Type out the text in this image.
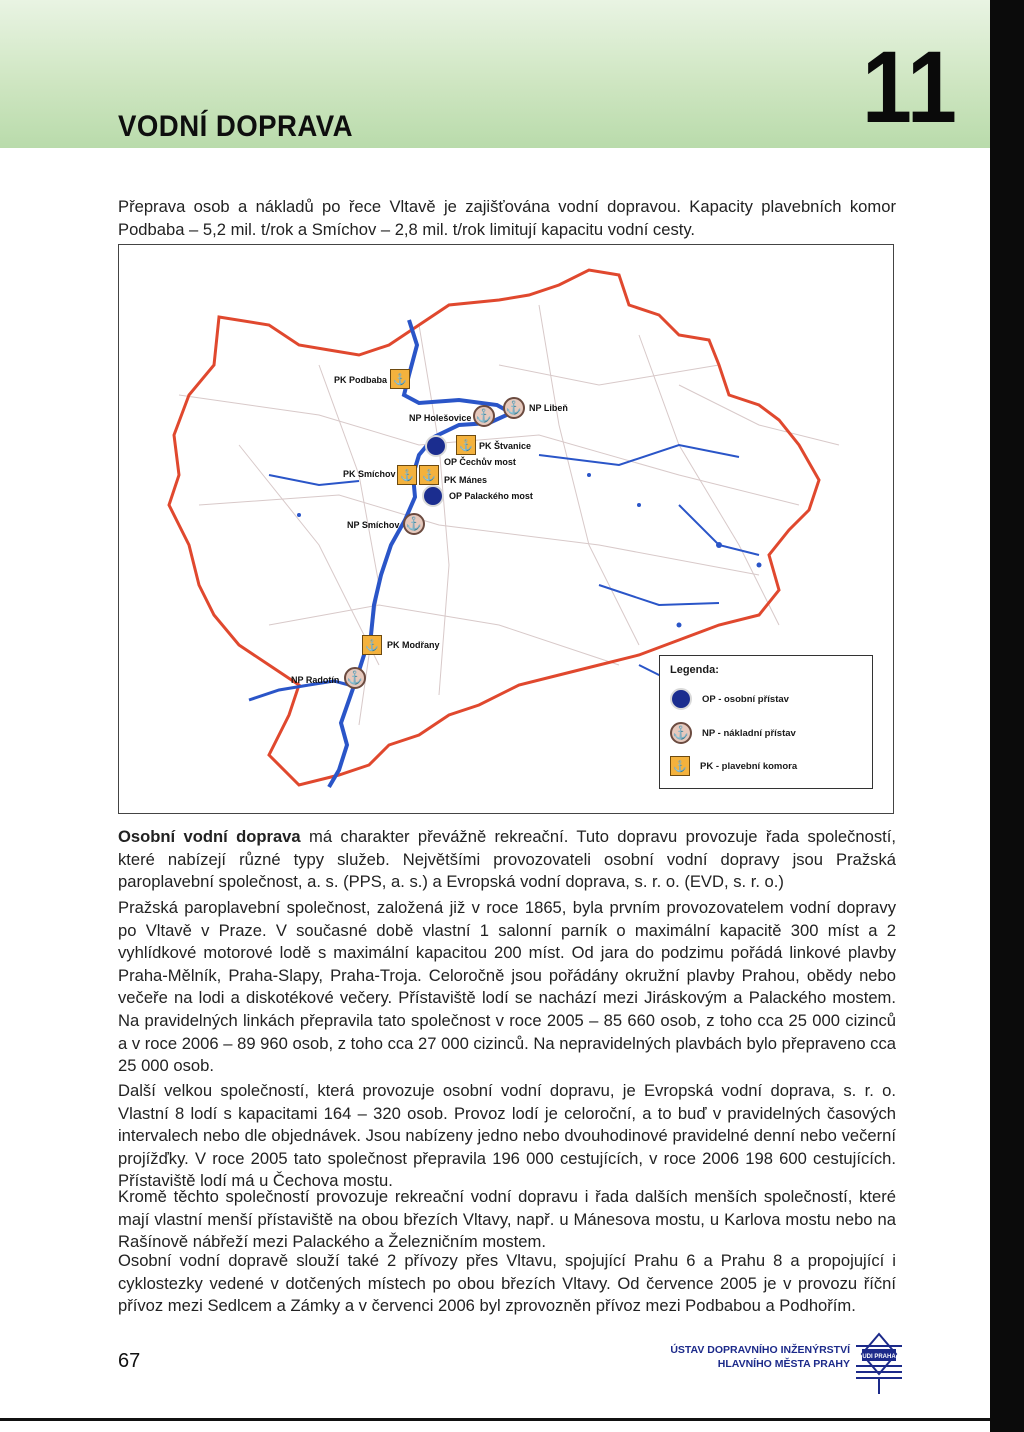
VODNÍ DOPRAVA	11
Přeprava osob a nákladů po řece Vltavě je zajišťována vodní dopravou. Kapacity plavebních komor Podbaba – 5,2 mil. t/rok a Smíchov – 2,8 mil. t/rok limitují kapacitu vodní cesty.
⚓
PK Podbaba
⚓
NP Holešovice
⚓ NP Libeň
⚓ PK Štvanice
OP Čechův most
⚓ ⚓
PK Smíchov
PK Mánes
OP Palackého most
⚓
NP Smíchov
⚓ PK Modřany
⚓
NP Radotín
Legenda:
OP - osobní přístav
⚓	NP - nákladní přístav
⚓	PK - plavební komora
Osobní vodní doprava má charakter převážně rekreační. Tuto dopravu provozuje řada společností, které nabízejí různé typy služeb. Největšími provozovateli osobní vodní dopravy jsou Pražská paroplavební společnost, a. s. (PPS, a. s.) a Evropská vodní doprava, s. r. o. (EVD, s. r. o.)
Pražská paroplavební společnost, založená již v roce 1865, byla prvním provozovatelem vodní dopravy po Vltavě v Praze. V současné době vlastní 1 salonní parník o maximální kapacitě 300 míst a 2 vyhlídkové motorové lodě s maximální kapacitou 200 míst. Od jara do podzimu pořádá linkové plavby Praha-Mělník, Praha-Slapy, Praha-Troja. Celoročně jsou pořádány okružní plavby Prahou, obědy nebo večeře na lodi a diskotékové večery. Přístaviště lodí se nachází mezi Jiráskovým a Palackého mostem. Na pravidelných linkách přepravila tato společnost v roce 2005 – 85 660 osob, z toho cca 25 000 cizinců a v roce 2006 – 89 960 osob, z toho cca 27 000 cizinců. Na nepravidelných plavbách bylo přepraveno cca 25 000 osob.
Další velkou společností, která provozuje osobní vodní dopravu, je Evropská vodní doprava, s. r. o. Vlastní 8 lodí s kapacitami 164 – 320 osob. Provoz lodí je celoroční, a to buď v pravidelných časových intervalech nebo dle objednávek. Jsou nabízeny jedno nebo dvouhodinové pravidelné denní nebo večerní projížďky. V roce 2005 tato společnost přepravila 196 000 cestujících, v roce 2006 198 600 cestujících. Přístaviště lodí má u Čechova mostu.
Kromě těchto společností provozuje rekreační vodní dopravu i řada dalších menších společností, které mají vlastní menší přístaviště na obou březích Vltavy, např. u Mánesova mostu, u Karlova mostu nebo na Rašínově nábřeží mezi Palackého a Železničním mostem.
Osobní vodní dopravě slouží také 2 přívozy přes Vltavu, spojující Prahu 6 a Prahu 8 a propojující i cyklostezky vedené v dotčených místech po obou březích Vltavy. Od července 2005 je v provozu říční přívoz mezi Sedlcem a Zámky a v červenci 2006 byl zprovozněn přívoz mezi Podbabou a Podhořím.
67	ÚSTAV DOPRAVNÍHO INŽENÝRSTVÍ
HLAVNÍHO MĚSTA PRAHY
UDI PRAHA
